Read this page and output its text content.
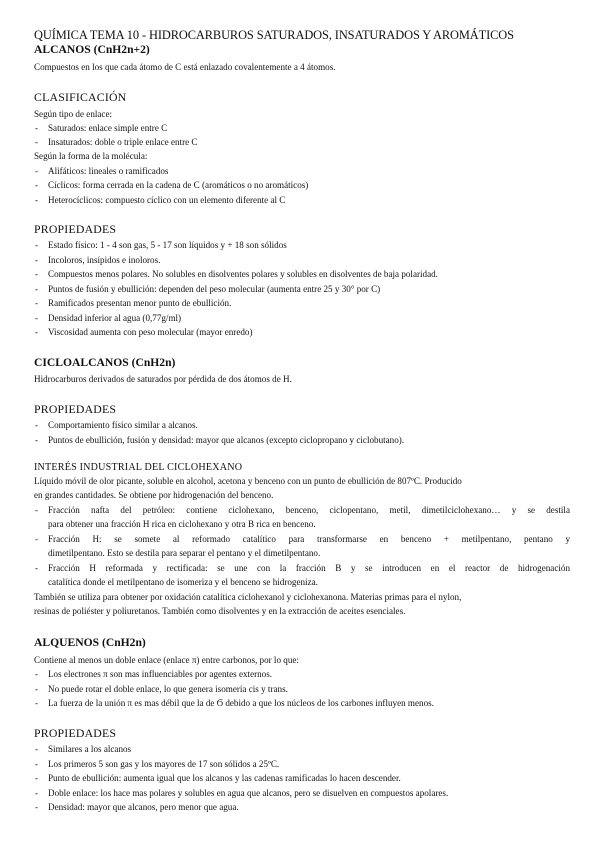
QUÍMICA TEMA 10 - HIDROCARBUROS SATURADOS, INSATURADOS Y AROMÁTICOS

ALCANOS (CnH2n+2)

Compuestos en los que cada átomo de C está enlazado covalentemente a 4 átomos.

CLASIFICACIÓN

Según tipo de enlace:

- Saturados: enlace simple entre C

- Insaturados: doble o triple enlace entre C

Según la forma de la molécula:

- Alifáticos: lineales o ramificados

- Cíclicos: forma cerrada en la cadena de C (aromáticos o no aromáticos)

- Heterocíclicos: compuesto cíclico con un elemento diferente al C

PROPIEDADES

- Estado físico: 1 - 4 son gas, 5 - 17 son líquidos y + 18 son sólidos

- Incoloros, insípidos e inoloros.

- Compuestos menos polares. No solubles en disolventes polares y solubles en disolventes de baja polaridad.

- Puntos de fusión y ebullición: dependen del peso molecular (aumenta entre 25 y 30° por C)

- Ramificados presentan menor punto de ebullición.

- Densidad inferior al agua (0,77g/ml)

- Viscosidad aumenta con peso molecular (mayor enredo)

CICLOALCANOS (CnH2n)

Hidrocarburos derivados de saturados por pérdida de dos átomos de H.

PROPIEDADES

- Comportamiento físico similar a alcanos.

- Puntos de ebullición, fusión y densidad: mayor que alcanos (excepto ciclopropano y ciclobutano).

INTERÉS INDUSTRIAL DEL CICLOHEXANO

Líquido móvil de olor picante, soluble en alcohol, acetona y benceno con un punto de ebullición de 807ºC. Producido

en grandes cantidades. Se obtiene por hidrogenación del benceno.

- Fracción nafta del petróleo: contiene ciclohexano, benceno, ciclopentano, metil, dimetilciclohexano… y se destila

para obtener una fracción H rica en ciclohexano y otra B rica en benceno.

- Fracción H: se somete al reformado catalítico para transformarse en benceno + metilpentano, pentano y

dimetilpentano. Esto se destila para separar el pentano y el dimetilpentano.

- Fracción H reformada y rectificada: se une con la fracción B y se introducen en el reactor de hidrogenación

catalítica donde el metilpentano de isomeriza y el benceno se hidrogeniza.

También se utiliza para obtener por oxidación catalítica ciclohexanol y ciclohexanona. Materias primas para el nylon,

resinas de poliéster y poliuretanos. También como disolventes y en la extracción de aceites esenciales.

ALQUENOS (CnH2n)

Contiene al menos un doble enlace (enlace π) entre carbonos, por lo que:

- Los electrones π son mas influenciables por agentes externos.

- No puede rotar el doble enlace, lo que genera isomería cis y trans.

- La fuerza de la unión π es mas débil que la de Ϭ debido a que los núcleos de los carbones influyen menos.

PROPIEDADES

- Similares a los alcanos

- Los primeros 5 son gas y los mayores de 17 son sólidos a 25ºC.

- Punto de ebullición: aumenta igual que los alcanos y las cadenas ramificadas lo hacen descender.

- Doble enlace: los hace mas polares y solubles en agua que alcanos, pero se disuelven en compuestos apolares.

- Densidad: mayor que alcanos, pero menor que agua.
